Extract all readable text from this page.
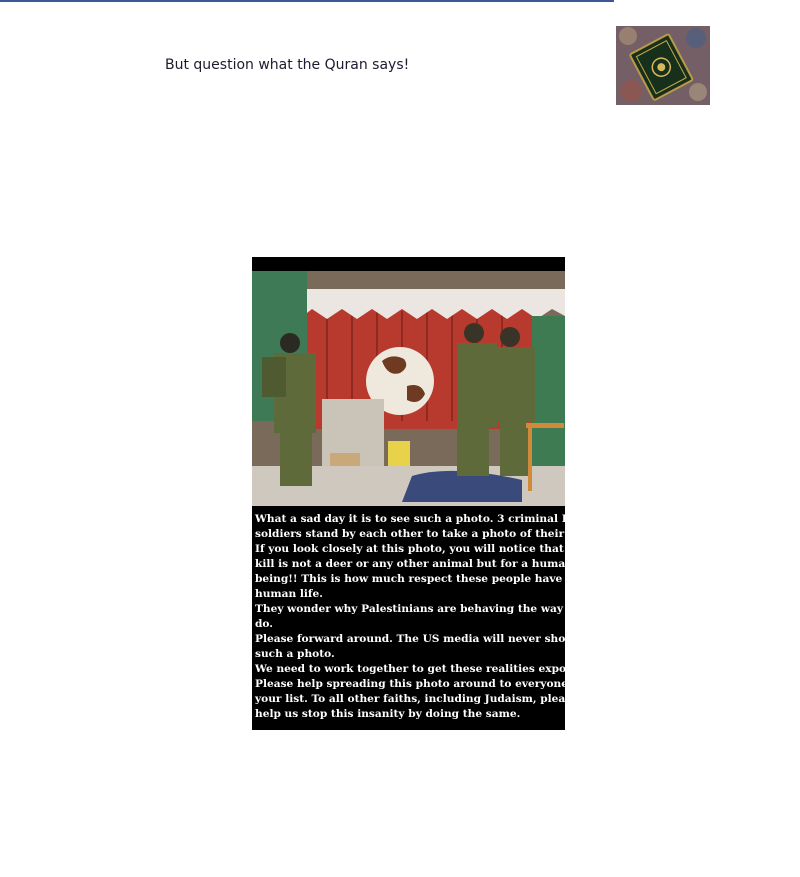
But question what the Quran says!
What a sad day it is to see such a photo. 3 criminal Israeli
soldiers stand by each other to take a photo of their kill.
If you look closely at this photo, you will notice that the
kill is not a deer or any other animal but for a human
being!! This is how much respect these people have for
human life.
They wonder why Palestinians are behaving the way they
do.
Please forward around. The US media will never show
such a photo.
We need to work together to get these realities exposed.
Please help spreading this photo around to everyone on
your list. To all other faiths, including Judaism, please
help us stop this insanity by doing the same.
